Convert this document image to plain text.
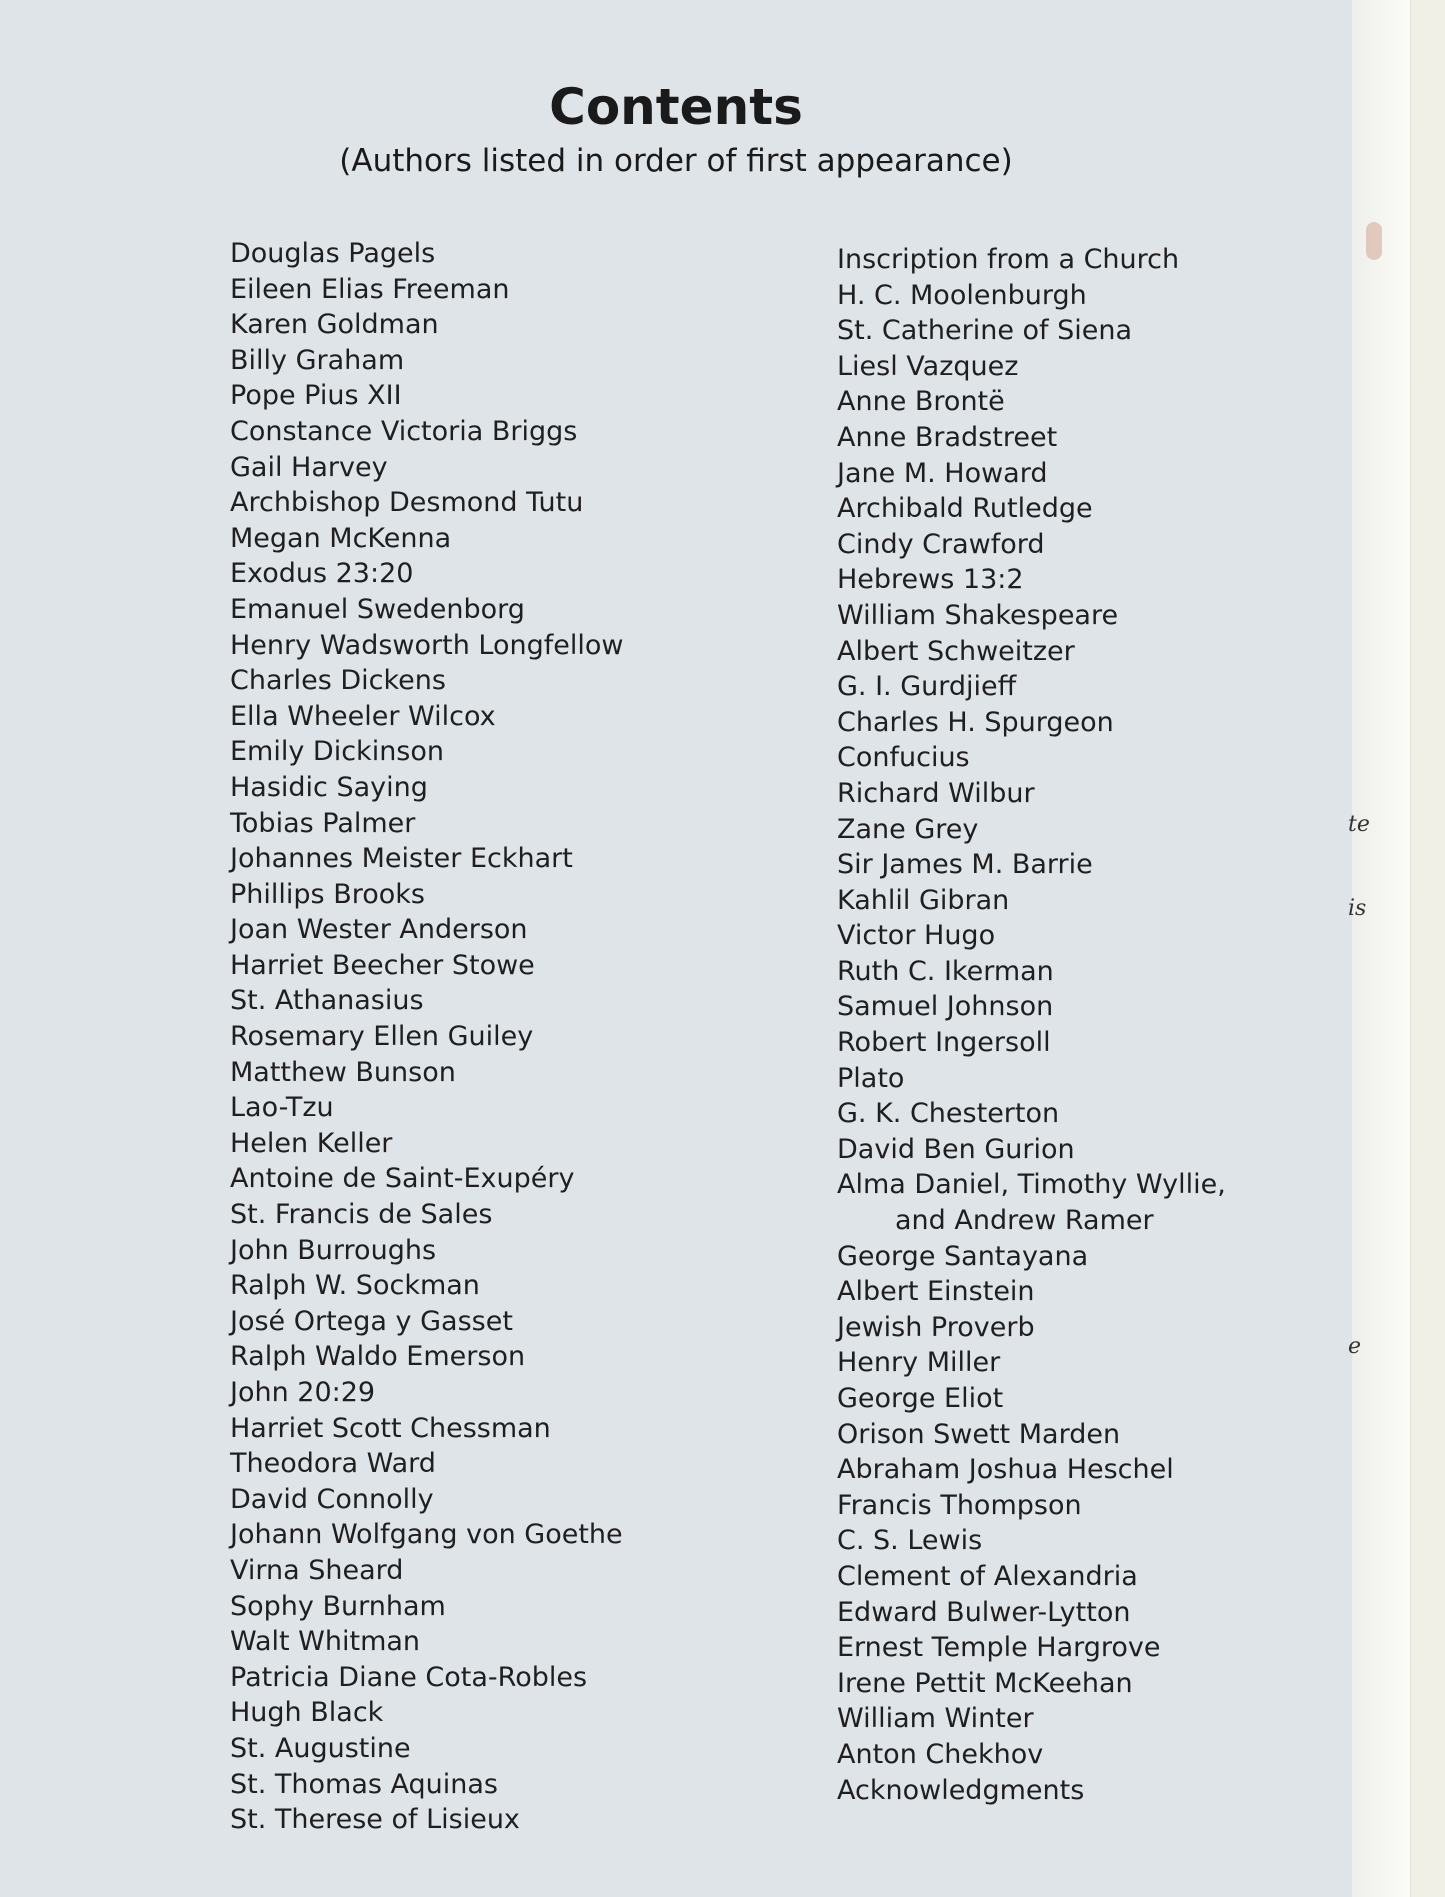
Contents

(Authors listed in order of first appearance)

Douglas Pagels
Eileen Elias Freeman
Karen Goldman
Billy Graham
Pope Pius XII
Constance Victoria Briggs
Gail Harvey
Archbishop Desmond Tutu
Megan McKenna
Exodus 23:20
Emanuel Swedenborg
Henry Wadsworth Longfellow
Charles Dickens
Ella Wheeler Wilcox
Emily Dickinson
Hasidic Saying
Tobias Palmer
Johannes Meister Eckhart
Phillips Brooks
Joan Wester Anderson
Harriet Beecher Stowe
St. Athanasius
Rosemary Ellen Guiley
Matthew Bunson
Lao-Tzu
Helen Keller
Antoine de Saint-Exupéry
St. Francis de Sales
John Burroughs
Ralph W. Sockman
José Ortega y Gasset
Ralph Waldo Emerson
John 20:29
Harriet Scott Chessman
Theodora Ward
David Connolly
Johann Wolfgang von Goethe
Virna Sheard
Sophy Burnham
Walt Whitman
Patricia Diane Cota-Robles
Hugh Black
St. Augustine
St. Thomas Aquinas
St. Therese of Lisieux
Inscription from a Church
H. C. Moolenburgh
St. Catherine of Siena
Liesl Vazquez
Anne Brontë
Anne Bradstreet
Jane M. Howard
Archibald Rutledge
Cindy Crawford
Hebrews 13:2
William Shakespeare
Albert Schweitzer
G. I. Gurdjieff
Charles H. Spurgeon
Confucius
Richard Wilbur
Zane Grey
Sir James M. Barrie
Kahlil Gibran
Victor Hugo
Ruth C. Ikerman
Samuel Johnson
Robert Ingersoll
Plato
G. K. Chesterton
David Ben Gurion
Alma Daniel, Timothy Wyllie,
and Andrew Ramer
George Santayana
Albert Einstein
Jewish Proverb
Henry Miller
George Eliot
Orison Swett Marden
Abraham Joshua Heschel
Francis Thompson
C. S. Lewis
Clement of Alexandria
Edward Bulwer-Lytton
Ernest Temple Hargrove
Irene Pettit McKeehan
William Winter
Anton Chekhov
Acknowledgments
te
is
e
